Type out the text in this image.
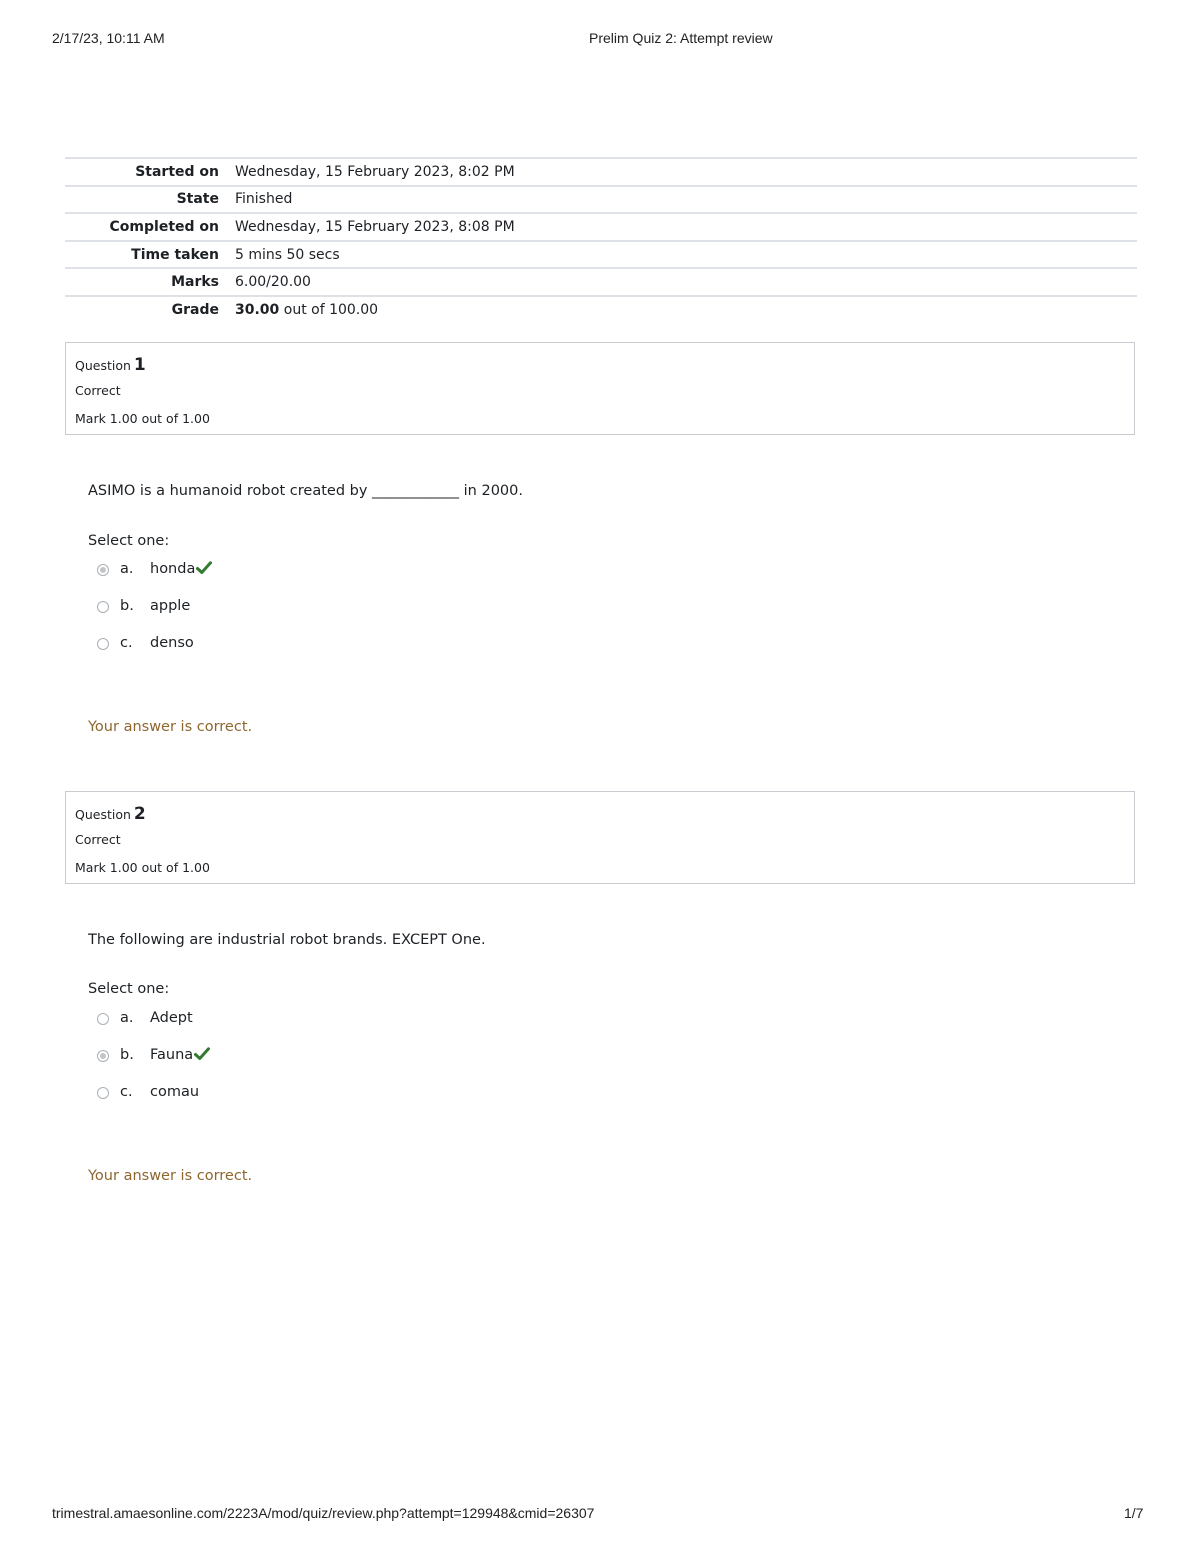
2/17/23, 10:11 AM	Prelim Quiz 2: Attempt review
Started on	Wednesday, 15 February 2023, 8:02 PM
State	Finished
Completed on	Wednesday, 15 February 2023, 8:08 PM
Time taken	5 mins 50 secs
Marks	6.00/20.00
Grade	30.00 out of 100.00
Question 1
Correct
Mark 1.00 out of 1.00
ASIMO is a humanoid robot created by ____________ in 2000.
Select one:
a. honda
b. apple
c. denso
Your answer is correct.
Question 2
Correct
Mark 1.00 out of 1.00
The following are industrial robot brands. EXCEPT One.
Select one:
a. Adept
b. Fauna
c. comau
Your answer is correct.
trimestral.amaesonline.com/2223A/mod/quiz/review.php?attempt=129948&cmid=26307	1/7
